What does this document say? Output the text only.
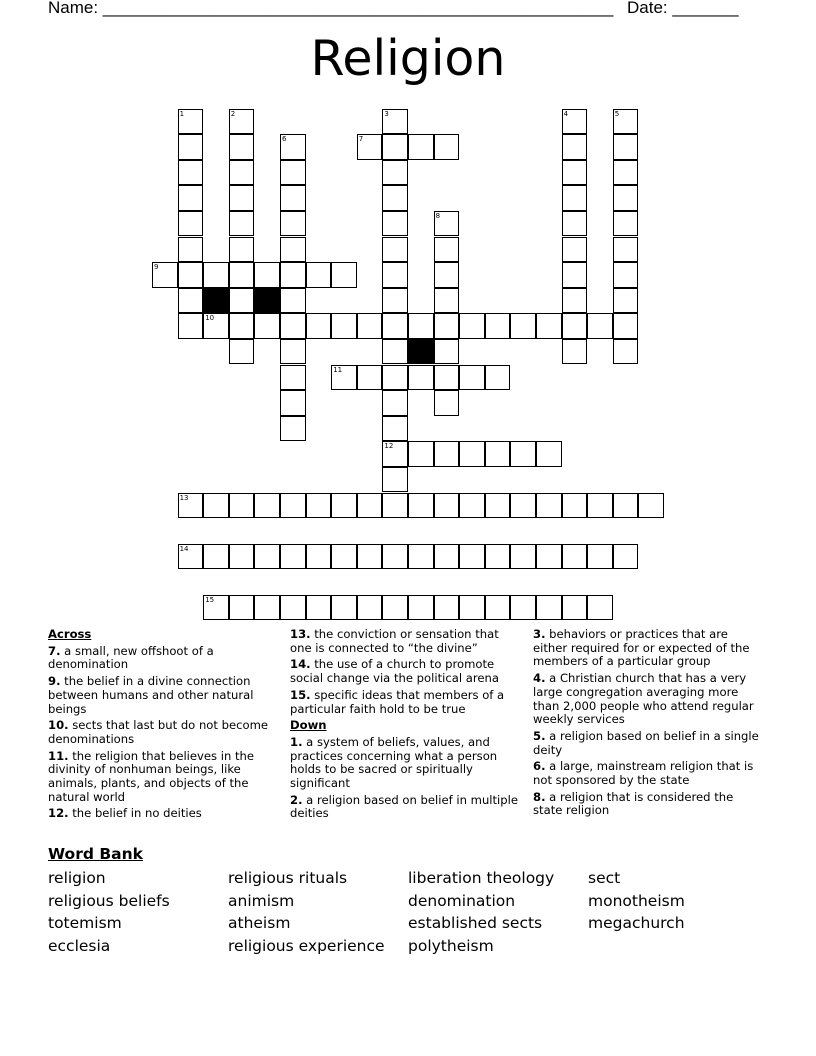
Name: ______________________________________________________ Date: _______
Religion
1	2
6
3
12
8
4	5
7
9
10
11
13
14
15
Across
7. a small, new offshoot of a denomination
9. the belief in a divine connection between humans and other natural beings
10. sects that last but do not become denominations
11. the religion that believes in the divinity of nonhuman beings, like animals, plants, and objects of the natural world
12. the belief in no deities
13. the conviction or sensation that one is connected to “the divine”
14. the use of a church to promote social change via the political arena
15. specific ideas that members of a particular faith hold to be true
Down
1. a system of beliefs, values, and practices concerning what a person holds to be sacred or spiritually significant
2. a religion based on belief in multiple deities
3. behaviors or practices that are either required for or expected of the members of a particular group
4. a Christian church that has a very large congregation averaging more than 2,000 people who attend regular weekly services
5. a religion based on belief in a single deity
6. a large, mainstream religion that is not sponsored by the state
8. a religion that is considered the state religion
Word Bank
religion	religious rituals	liberation theology	sect
religious beliefs	animism	denomination	monotheism
totemism	atheism	established sects	megachurch
ecclesia	religious experience	polytheism
